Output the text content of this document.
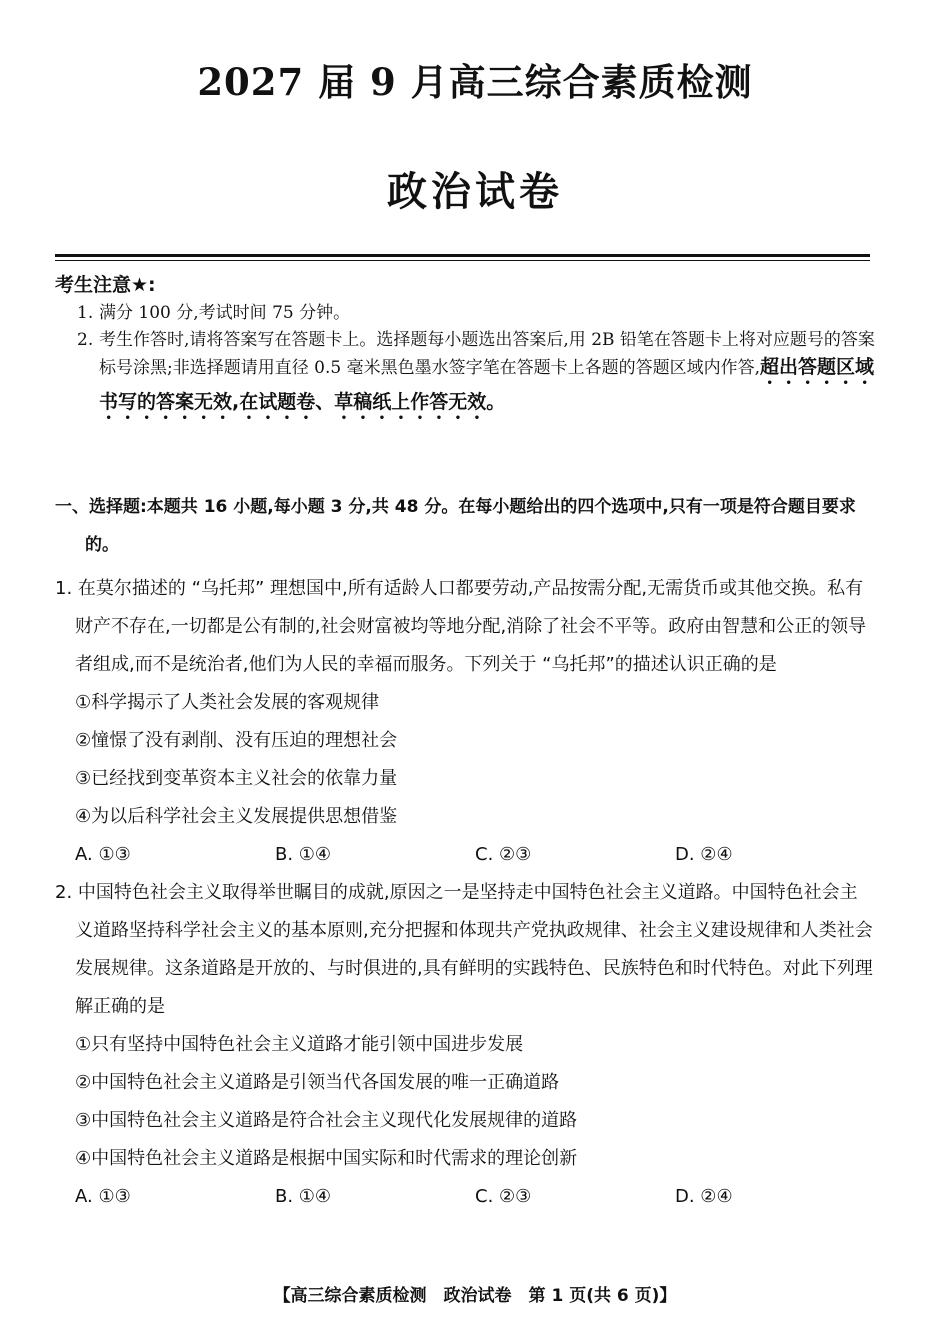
2027 届 9 月高三综合素质检测
政治试卷
考生注意★:
1. 满分 100 分,考试时间 75 分钟。
2. 考生作答时,请将答案写在答题卡上。选择题每小题选出答案后,用 2B 铅笔在答题卡上将对应题号的答案标号涂黑;非选择题请用直径 0.5 毫米黑色墨水签字笔在答题卡上各题的答题区域内作答,超出答题区域书写的答案无效,在试题卷、草稿纸上作答无效。
一、选择题:本题共 16 小题,每小题 3 分,共 48 分。在每小题给出的四个选项中,只有一项是符合题目要求的。
1. 在莫尔描述的 “乌托邦” 理想国中,所有适龄人口都要劳动,产品按需分配,无需货币或其他交换。私有财产不存在,一切都是公有制的,社会财富被均等地分配,消除了社会不平等。政府由智慧和公正的领导者组成,而不是统治者,他们为人民的幸福而服务。下列关于 “乌托邦”的描述认识正确的是
①科学揭示了人类社会发展的客观规律
②憧憬了没有剥削、没有压迫的理想社会
③已经找到变革资本主义社会的依靠力量
④为以后科学社会主义发展提供思想借鉴
A. ①③	B. ①④	C. ②③	D. ②④
2. 中国特色社会主义取得举世瞩目的成就,原因之一是坚持走中国特色社会主义道路。中国特色社会主义道路坚持科学社会主义的基本原则,充分把握和体现共产党执政规律、社会主义建设规律和人类社会发展规律。这条道路是开放的、与时俱进的,具有鲜明的实践特色、民族特色和时代特色。对此下列理解正确的是
①只有坚持中国特色社会主义道路才能引领中国进步发展
②中国特色社会主义道路是引领当代各国发展的唯一正确道路
③中国特色社会主义道路是符合社会主义现代化发展规律的道路
④中国特色社会主义道路是根据中国实际和时代需求的理论创新
A. ①③	B. ①④	C. ②③	D. ②④
【高三综合素质检测　政治试卷　第 1 页(共 6 页)】
